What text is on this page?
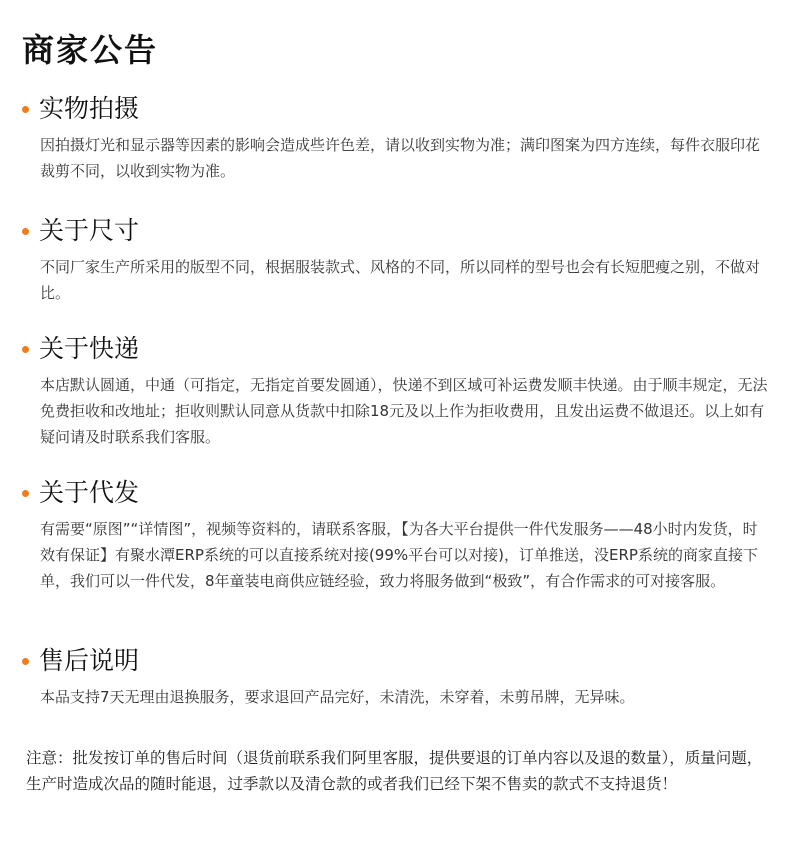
商家公告
实物拍摄
因拍摄灯光和显示器等因素的影响会造成些许色差，请以收到实物为准；满印图案为四方连续，每件衣服印花裁剪不同，以收到实物为准。
关于尺寸
不同厂家生产所采用的版型不同，根据服装款式、风格的不同，所以同样的型号也会有长短肥瘦之别，不做对比。
关于快递
本店默认圆通，中通（可指定，无指定首要发圆通），快递不到区域可补运费发顺丰快递。由于顺丰规定，无法免费拒收和改地址；拒收则默认同意从货款中扣除18元及以上作为拒收费用，且发出运费不做退还。以上如有疑问请及时联系我们客服。
关于代发
有需要“原图”“详情图”，视频等资料的，请联系客服，【为各大平台提供一件代发服务——48小时内发货，时效有保证】有聚水潭ERP系统的可以直接系统对接(99%平台可以对接)，订单推送，没ERP系统的商家直接下单，我们可以一件代发，8年童装电商供应链经验，致力将服务做到“极致”，有合作需求的可对接客服。
售后说明
本品支持7天无理由退换服务，要求退回产品完好，未清洗，未穿着，未剪吊牌，无异味。
注意：批发按订单的售后时间（退货前联系我们阿里客服，提供要退的订单内容以及退的数量），质量问题，生产时造成次品的随时能退，过季款以及清仓款的或者我们已经下架不售卖的款式不支持退货！
